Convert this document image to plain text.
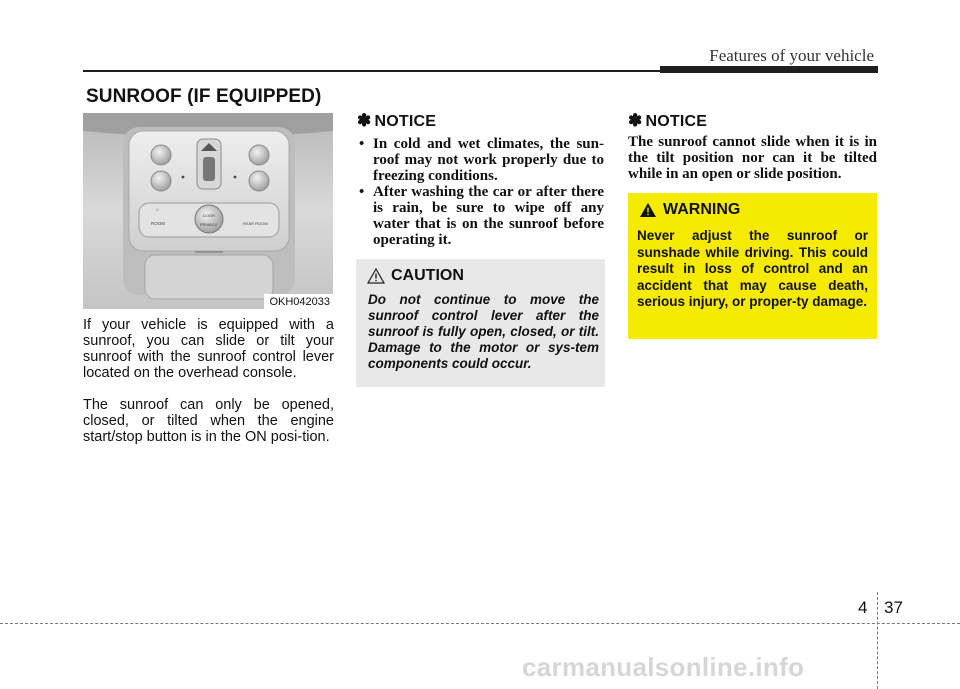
Features of your vehicle
SUNROOF (IF EQUIPPED)
☼
ROOM
DOOR
PRIVACY	REAR ROOM
OKH042033

If your vehicle is equipped with a sunroof, you can slide or tilt your sunroof with the sunroof control lever located on the overhead console.

The sunroof can only be opened, closed, or tilted when the engine start/stop button is in the ON posi-tion.

✽ NOTICE
• In cold and wet climates, the sun-roof may not work properly due to freezing conditions.
• After washing the car or after there is rain, be sure to wipe off any water that is on the sunroof before operating it.
CAUTION

Do not continue to move the sunroof control lever after the sunroof is fully open, closed, or tilt. Damage to the motor or sys-tem components could occur.

✽ NOTICE

The sunroof cannot slide when it is in the tilt position nor can it be tilted while in an open or slide position.

WARNING

Never adjust the sunroof or sunshade while driving. This could result in loss of control and an accident that may cause death, serious injury, or proper-ty damage.

4 37
carmanualsonline.info
